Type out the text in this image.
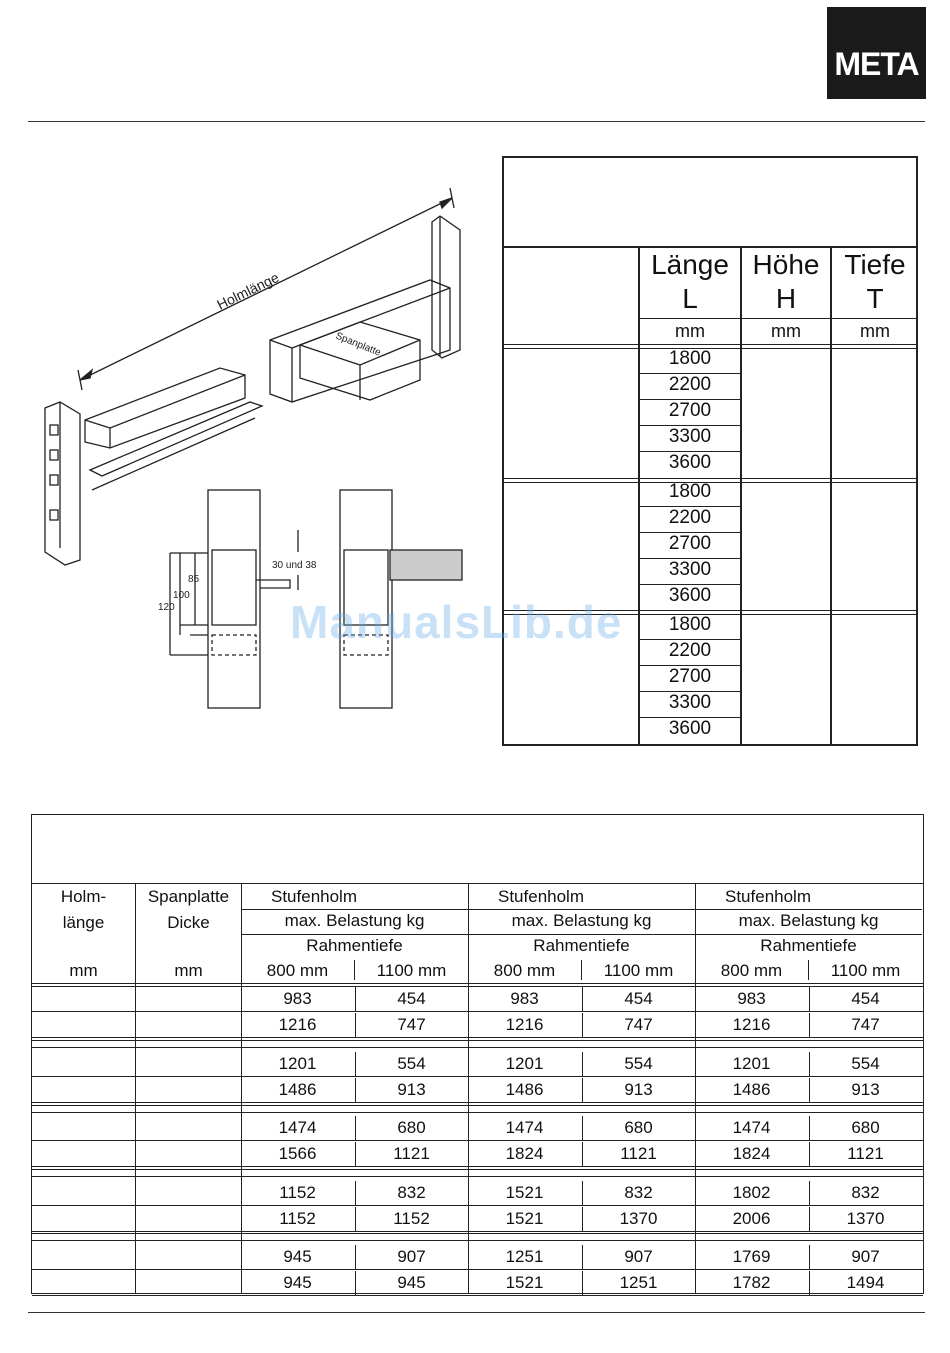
META
Holmlänge
Spanplatte
30 und 38
85
100
120
Länge
L
Höhe
H
Tiefe
T
mm	mm	mm
1800
2200
2700
3300
3600
1800
2200
2700
3300
3600
1800
2200
2700
3300
3600
ManualsLib.de
Holm-
länge
mm
Spanplatte
Dicke
mm
Stufenholm
max. Belastung kg
Rahmentiefe
800 mm	1100 mm
Stufenholm
max. Belastung kg
Rahmentiefe
800 mm	1100 mm
Stufenholm
max. Belastung kg
Rahmentiefe
800 mm	1100 mm
983	454	983	454	983	454
1216	747	1216	747	1216	747
1201	554	1201	554	1201	554
1486	913	1486	913	1486	913
1474	680	1474	680	1474	680
1566	1121	1824	1121	1824	1121
1152	832	1521	832	1802	832
1152	1152	1521	1370	2006	1370
945	907	1251	907	1769	907
945	945	1521	1251	1782	1494
